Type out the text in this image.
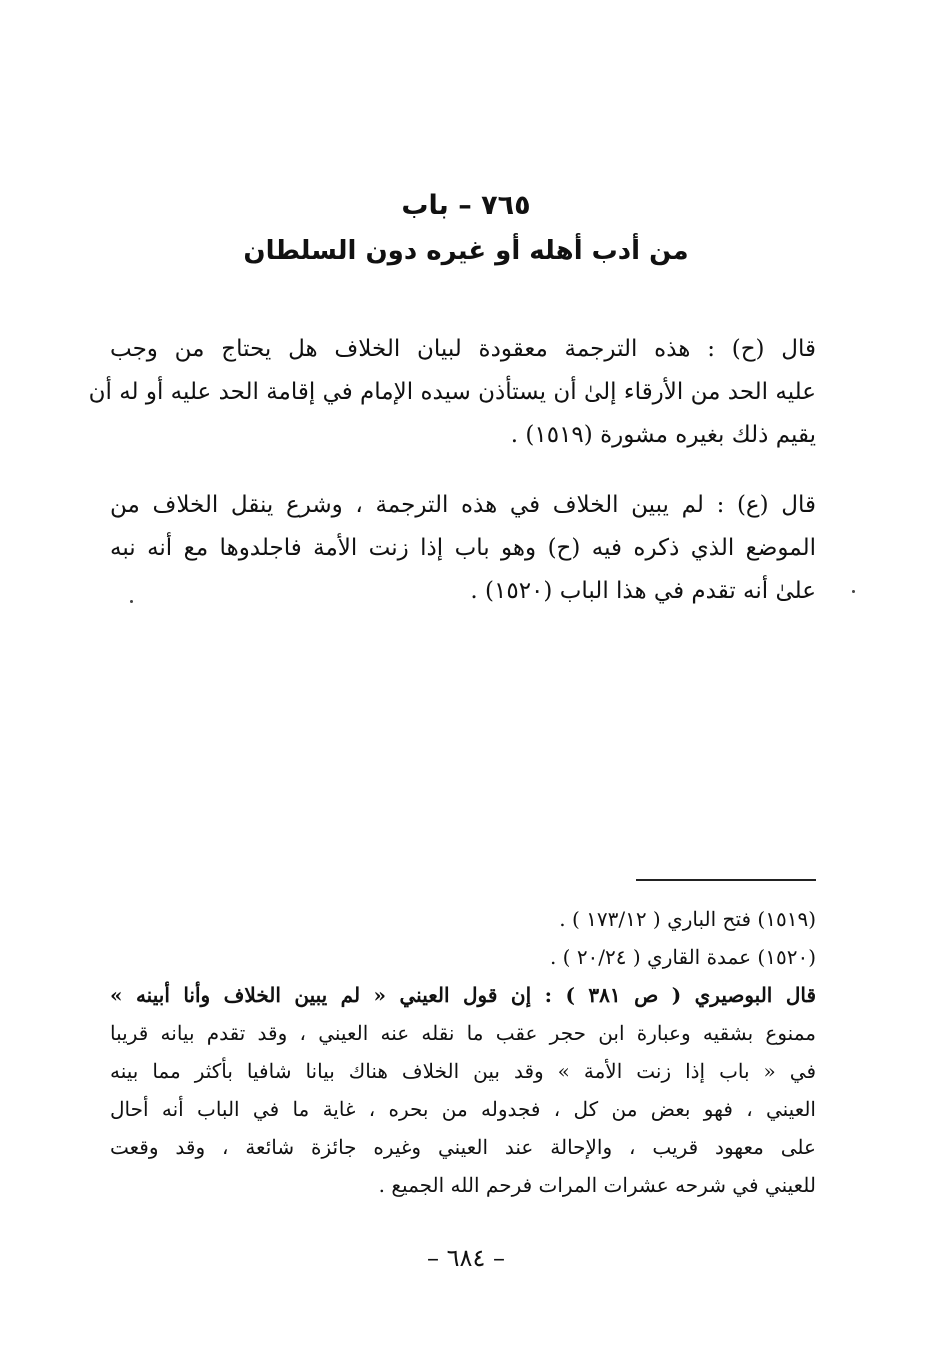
٧٦٥ – باب
من أدب أهله أو غيره دون السلطان
قال (ح) : هذه الترجمة معقودة لبيان الخلاف هل يحتاج من وجب
عليه الحد من الأرقاء إلىٰ أن يستأذن سيده الإمام في إقامة الحد عليه أو له أن
يقيم ذلك بغيره مشورة (١٥١٩) .
قال (ع) : لم يبين الخلاف في هذه الترجمة ، وشرع ينقل الخلاف من
الموضع الذي ذكره فيه (ح) وهو باب إذا زنت الأمة فاجلدوها مع أنه نبه
علىٰ أنه تقدم في هذا الباب (١٥٢٠) .
(١٥١٩) فتح الباري ( ١٧٣/١٢ ) .
(١٥٢٠) عمدة القاري ( ٢٠/٢٤ ) .
قال البوصيري ( ص ٣٨١ ) : إن قول العيني « لم يبين الخلاف وأنا أبينه »
ممنوع بشقيه وعبارة ابن حجر عقب ما نقله عنه العيني ، وقد تقدم بيانه قريبا
في « باب إذا زنت الأمة » وقد بين الخلاف هناك بيانا شافيا بأكثر مما بينه
العيني ، فهو بعض من كل ، فجدوله من بحره ، غاية ما في الباب أنه أحال
على معهود قريب ، والإحالة عند العيني وغيره جائزة شائعة ، وقد وقعت
للعيني في شرحه عشرات المرات فرحم الله الجميع .
– ٦٨٤ –
